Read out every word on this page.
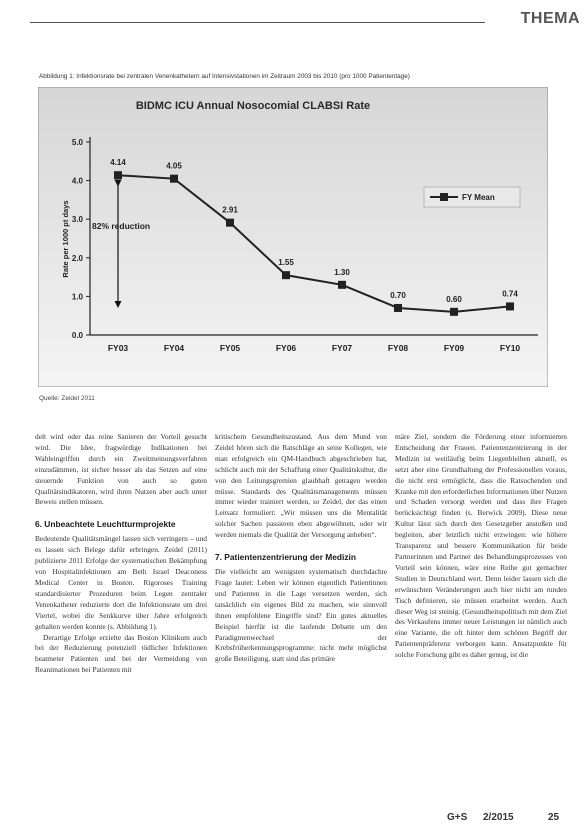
THEMA
Abbildung 1: Infektionsrate bei zentralen Venenkathetern auf Intensivstationen im Zeitraum 2003 bis 2010 (pro 1000 Patiententage)
BIDMC ICU Annual Nosocomial CLABSI Rate
Rate per 1000 pt days
0.0
1.0
2.0
3.0
4.0
5.0
FY03	FY04	FY05	FY06	FY07	FY08	FY09	FY10
4.14	4.05
2.91
1.55
1.30
0.70	0.60
0.74
82% reduction
FY Mean
Quelle: Zeidel 2011

delt wird oder das reine Sanieren der Vorteil gesucht wird. Die Idee, fragwürdige Indikationen bei Wahleingriffen durch ein Zweitmeinungsverfahren einzudämmen, ist sicher besser als das Setzen auf eine steuernde Funktion von auch so guten Qualitätsindikatoren, wird ihren Nutzen aber auch unter Beweis stellen müssen.

6. Unbeachtete Leuchtturmprojekte

Bedeutende Qualitätsmängel lassen sich verringern – und es lassen sich Belege dafür erbringen. Zeidel (2011) publizierte 2011 Erfolge der systematischen Bekämpfung von Hospitalinfektionen am Beth Israel Deaconess Medical Center in Boston. Rigoroses Training standardisierter Prozeduren beim Legen zentraler Venenkatheter reduzierte dort die Infektionsrate um drei Viertel, wobei die Senkkurve über Jahre erfolgreich gehalten werden konnte (s. Abbildung 1).

Derartige Erfolge erzielte das Boston Klinikum auch bei der Reduzierung potenziell tödlicher Infektionen beatmeter Patienten und bei der Vermeidung von Reanimationen bei Patienten mit

kritischem Gesundheitszustand. Aus dem Mund von Zeidel hören sich die Ratschläge an seine Kollegen, wie man erfolgreich ein QM-Handbuch abgeschrieben hat, schlicht auch mit der Schaffung einer Qualitätskultur, die von den Leitungsgremien glaubhaft getragen werden müsse. Standards des Qualitätsmanagements müssen immer wieder trainiert werden, so Zeidel, der das einen Leitsatz formuliert: „Wir müssen uns die Mentalität solcher Sachen passieren eben abgewöhnen, oder wir werden niemals die Qualität der Versorgung anheben“.

7. Patientenzentrierung der Medizin

Die vielleicht am wenigsten systematisch durchdachte Frage lautet: Leben wir können eigentlich Patientinnen und Patienten in die Lage versetzen werden, sich tatsächlich ein eigenes Bild zu machen, wie sinnvoll ihnen empfohlene Eingriffe sind? Ein gutes aktuelles Beispiel hierfür ist die laufende Debatte um den Paradigmenwechsel der Krebsfrüherkennungsprogramme: nicht mehr möglichst große Beteiligung, statt sind das primäre

märe Ziel, sondern die Förderung einer informierten Entscheidung der Frauen. Patientenzentrierung in der Medizin ist weitläufig beim Liegenbleiben aktuell, es setzt aber eine Grundhaltung der Professionellen voraus, die nicht erst ermöglicht, dass die Ratsuchenden und Kranke mit den erforderlichen Informationen über Nutzen und Schaden versorgt werden und dass ihre Fragen berücksichtigt finden (s. Berwick 2009). Diese neue Kultur lässt sich durch den Gesetzgeber anstoßen und begleiten, aber letztlich nicht erzwingen: wie höhere Transparenz und bessere Kommunikation für beide Partnerinnen und Partner des Behandlungsprozesses von Vorteil sein können, wäre eine Reihe gut gemachter Studien in Deutschland wert. Denn leider lassen sich die erwünschten Veränderungen auch hier nicht am runden Tisch definieren, sie müssen erarbeitet werden. Auch dieser Weg ist steinig. (Gesundheitspolitisch mit dem Ziel des Verkaufens immer neuer Leistungen ist nämlich auch eine Variante, die oft hinter dem schönen Begriff der Patientenpräferenz verborgen kann. Ansatzpunkte für solche Forschung gibt es daher genug, ist die

G+S 2/2015	25
